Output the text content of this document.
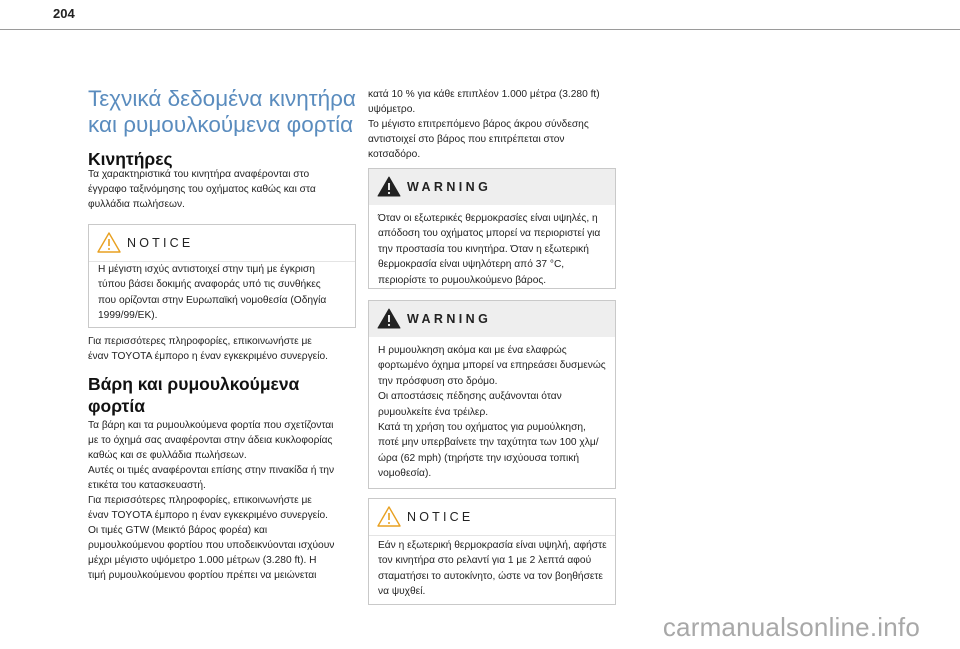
204
Τεχνικά δεδομένα κινητήρα
και ρυμουλκούμενα φορτία
Κινητήρες

Τα χαρακτηριστικά του κινητήρα αναφέρονται στο
έγγραφο ταξινόμησης του οχήματος καθώς και στα
φυλλάδια πωλήσεων.

NOTICE
Η μέγιστη ισχύς αντιστοιχεί στην τιμή με έγκριση
τύπου βάσει δοκιμής αναφοράς υπό τις συνθήκες
που ορίζονται στην Ευρωπαϊκή νομοθεσία (Οδηγία
1999/99/ΕΚ).

Για περισσότερες πληροφορίες, επικοινωνήστε με
έναν TOYOTA έμπορο η έναν εγκεκριμένο συνεργείο.

Βάρη και ρυμουλκούμενα
φορτία

Τα βάρη και τα ρυμουλκούμενα φορτία που σχετίζονται
με το όχημά σας αναφέρονται στην άδεια κυκλοφορίας
καθώς και σε φυλλάδια πωλήσεων.
Αυτές οι τιμές αναφέρονται επίσης στην πινακίδα ή την
ετικέτα του κατασκευαστή.
Για περισσότερες πληροφορίες, επικοινωνήστε με
έναν TOYOTA έμπορο η έναν εγκεκριμένο συνεργείο.
Οι τιμές GTW (Μεικτό βάρος φορέα) και
ρυμουλκούμενου φορτίου που υποδεικνύονται ισχύουν
μέχρι μέγιστο υψόμετρο 1.000 μέτρων (3.280 ft). Η
τιμή ρυμουλκούμενου φορτίου πρέπει να μειώνεται

κατά 10 % για κάθε επιπλέον 1.000 μέτρα (3.280 ft)
υψόμετρο.
Το μέγιστο επιτρεπόμενο βάρος άκρου σύνδεσης
αντιστοιχεί στο βάρος που επιτρέπεται στον
κοτσαδόρο.

WARNING
Όταν οι εξωτερικές θερμοκρασίες είναι υψηλές, η
απόδοση του οχήματος μπορεί να περιοριστεί για
την προστασία του κινητήρα. Όταν η εξωτερική
θερμοκρασία είναι υψηλότερη από 37 °C,
περιορίστε το ρυμουλκούμενο βάρος.
WARNING
Η ρυμουλκηση ακόμα και με ένα ελαφρώς
φορτωμένο όχημα μπορεί να επηρεάσει δυσμενώς
την πρόσφυση στο δρόμο.
Οι αποστάσεις πέδησης αυξάνονται όταν
ρυμουλκείτε ένα τρέιλερ.
Κατά τη χρήση του οχήματος για ρυμούλκηση,
ποτέ μην υπερβαίνετε την ταχύτητα των 100 χλμ/
ώρα (62 mph) (τηρήστε την ισχύουσα τοπική
νομοθεσία).
NOTICE
Εάν η εξωτερική θερμοκρασία είναι υψηλή, αφήστε
τον κινητήρα στο ρελαντί για 1 με 2 λεπτά αφού
σταματήσει το αυτοκίνητο, ώστε να τον βοηθήσετε
να ψυχθεί.
carmanualsonline.info
